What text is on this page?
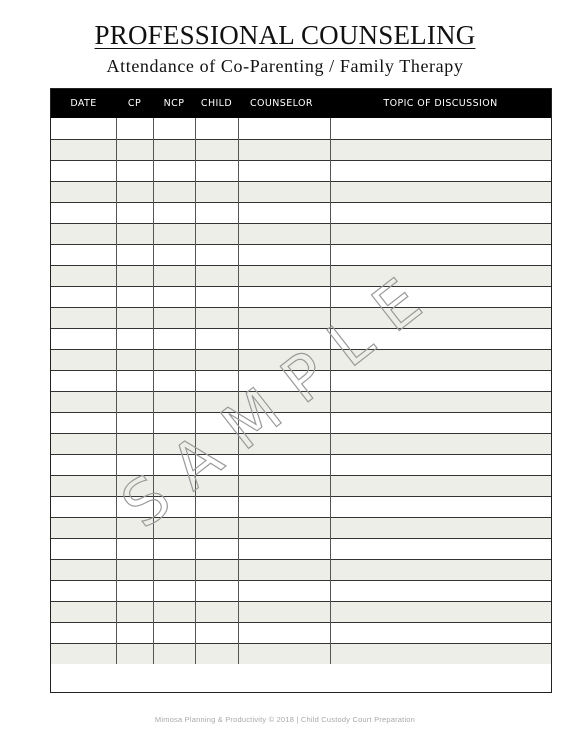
PROFESSIONAL COUNSELING
Attendance of Co-Parenting / Family Therapy
DATE	CP	NCP	CHILD	COUNSELOR	TOPIC OF DISCUSSION

Mimosa Planning & Productivity © 2018 | Child Custody Court Preparation
